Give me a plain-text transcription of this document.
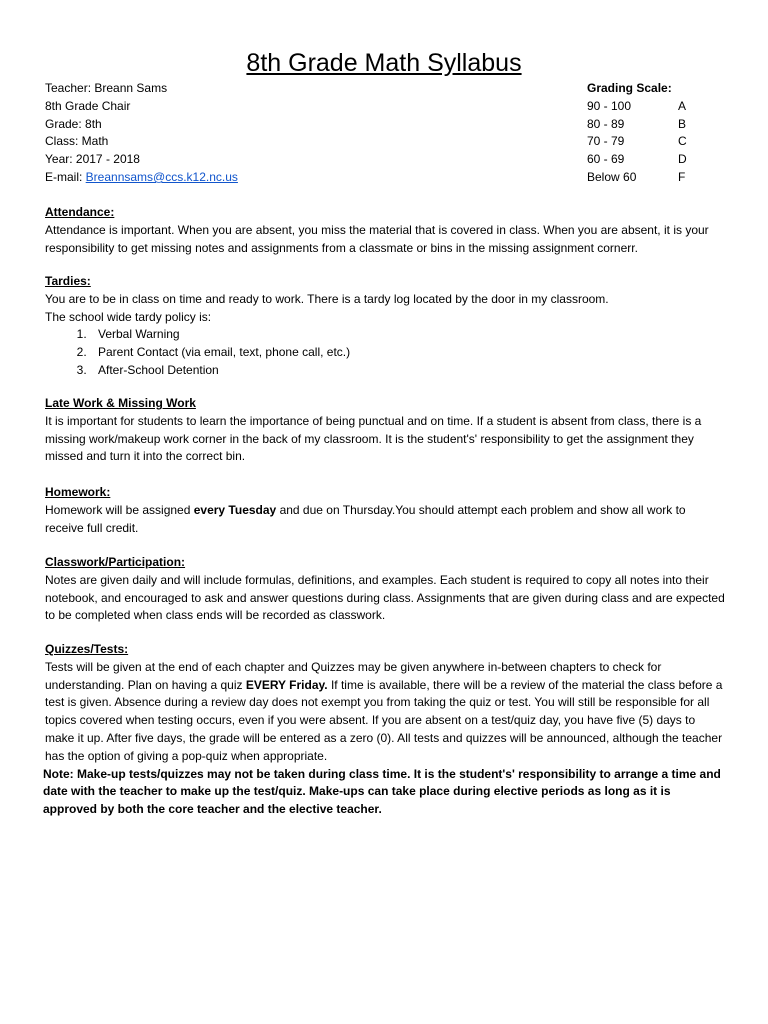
8th Grade Math Syllabus
Teacher: Breann Sams
8th Grade Chair
Grade: 8th
Class: Math
Year: 2017 - 2018
E-mail: Breannsams@ccs.k12.nc.us
Grading Scale:
90 - 100	A
80 - 89	B
70 - 79	C
60 - 69	D
Below 60	F
Attendance:

Attendance is important. When you are absent, you miss the material that is covered in class. When you are absent, it is your responsibility to get missing notes and assignments from a classmate or bins in the missing assignment cornerr.

Tardies:

You are to be in class on time and ready to work. There is a tardy log located by the door in my classroom.

The school wide tardy policy is:

1. Verbal Warning
2. Parent Contact (via email, text, phone call, etc.)
3. After-School Detention
Late Work & Missing Work

It is important for students to learn the importance of being punctual and on time. If a student is absent from class, there is a missing work/makeup work corner in the back of my classroom. It is the student's' responsibility to get the assignment they missed and turn it into the correct bin.

Homework:

Homework will be assigned every Tuesday and due on Thursday.You should attempt each problem and show all work to receive full credit.

Classwork/Participation:

Notes are given daily and will include formulas, definitions, and examples. Each student is required to copy all notes into their notebook, and encouraged to ask and answer questions during class. Assignments that are given during class and are expected to be completed when class ends will be recorded as classwork.

Quizzes/Tests:

Tests will be given at the end of each chapter and Quizzes may be given anywhere in-between chapters to check for understanding. Plan on having a quiz EVERY Friday. If time is available, there will be a review of the material the class before a test is given. Absence during a review day does not exempt you from taking the quiz or test. You will still be responsible for all topics covered when testing occurs, even if you were absent. If you are absent on a test/quiz day, you have five (5) days to make it up. After five days, the grade will be entered as a zero (0). All tests and quizzes will be announced, although the teacher has the option of giving a pop-quiz when appropriate.

Note: Make-up tests/quizzes may not be taken during class time. It is the student's' responsibility to arrange a time and date with the teacher to make up the test/quiz. Make-ups can take place during elective periods as long as it is approved by both the core teacher and the elective teacher.
